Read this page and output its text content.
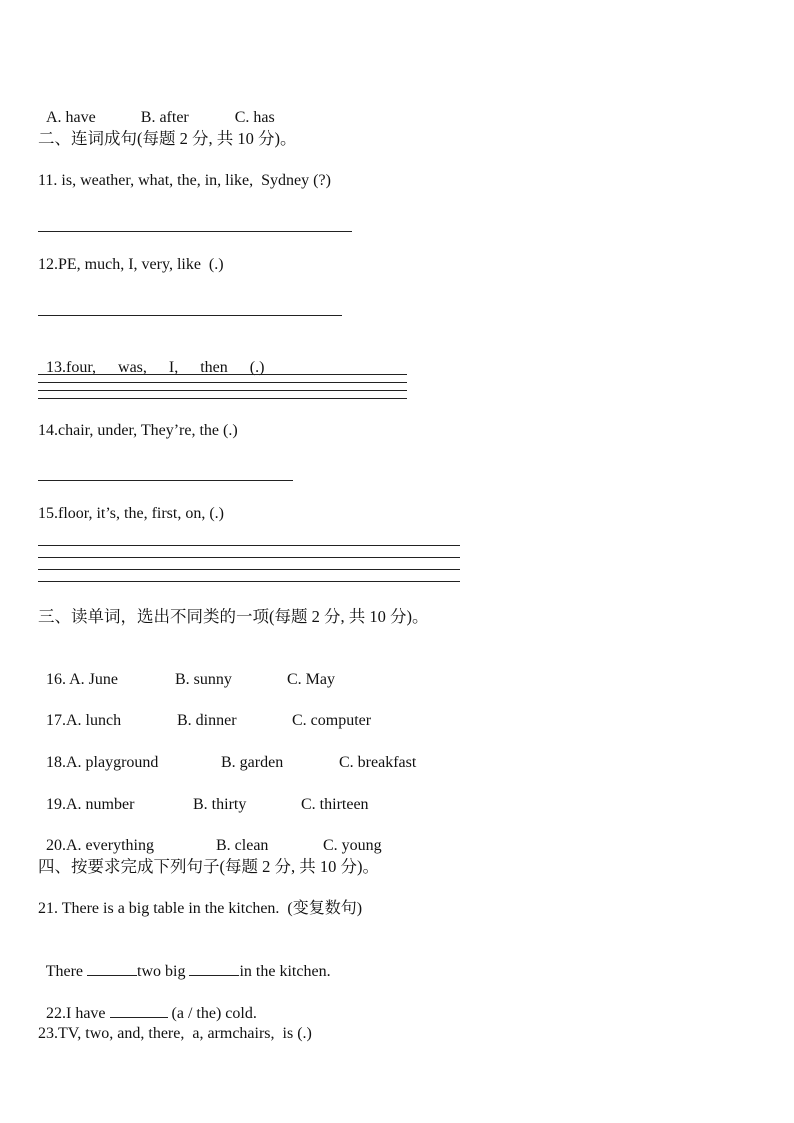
A. have	B. after	C. has

二、连词成句(每题 2 分, 共 10 分)。
11. is, weather, what, the, in, like,  Sydney (?)
12.PE, much, I, very, like  (.)

13.four, was, I, then (.)

14.chair, under, They’re, the (.)
15.floor, it’s, the, first, on, (.)
三、读单词，选出不同类的一项(每题 2 分, 共 10 分)。

16. A. June	B. sunny	C. May

17.A. lunch	B. dinner	C. computer

18.A. playground	B. garden	C. breakfast

19.A. number	B. thirty	C. thirteen

20.A. everything	B. clean	C. young

四、按要求完成下列句子(每题 2 分, 共 10 分)。
21. There is a big table in the kitchen.  (变复数句)

There	two big	in the kitchen.

22.I have	(a / the) cold.

23.TV, two, and, there,  a, armchairs,  is (.)
